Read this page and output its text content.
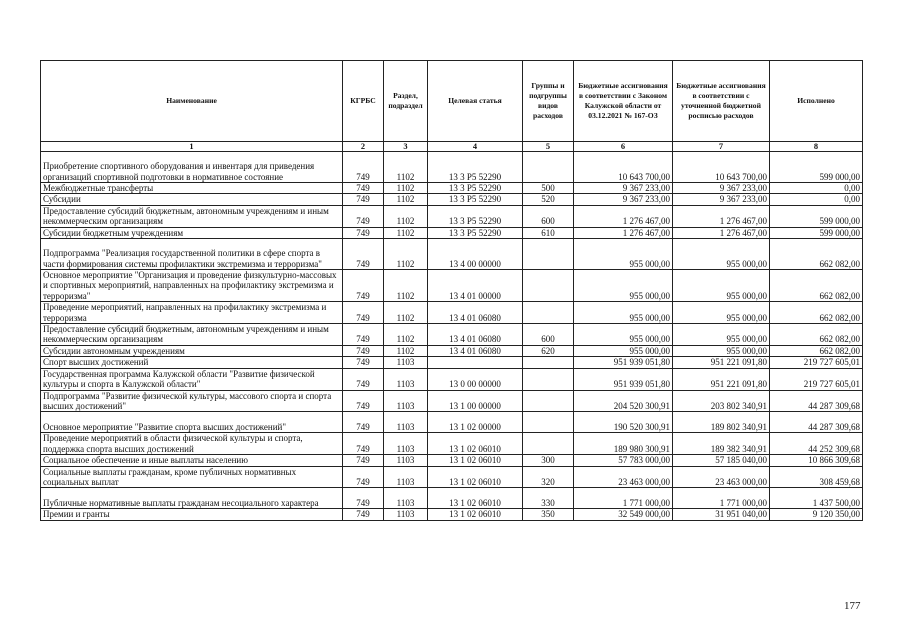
Наименование	КГРБС	Раздел, подраздел	Целевая статья	Группы и подгруппы видов расходов	Бюджетные ассигнования в соответствии с Законом Калужской области от 03.12.2021 № 167-ОЗ	Бюджетные ассигнования в соответствии с уточненной бюджетной росписью расходов	Исполнено
1	2	3	4	5	6	7	8
Приобретение спортивного оборудования и инвентаря для приведения организаций спортивной подготовки в нормативное состояние	749	1102	13 3 P5 52290		10 643 700,00	10 643 700,00	599 000,00
Межбюджетные трансферты	749	1102	13 3 P5 52290	500	9 367 233,00	9 367 233,00	0,00
Субсидии	749	1102	13 3 P5 52290	520	9 367 233,00	9 367 233,00	0,00
Предоставление субсидий бюджетным, автономным учреждениям и иным некоммерческим организациям	749	1102	13 3 P5 52290	600	1 276 467,00	1 276 467,00	599 000,00
Субсидии бюджетным учреждениям	749	1102	13 3 P5 52290	610	1 276 467,00	1 276 467,00	599 000,00
Подпрограмма "Реализация государственной политики в сфере спорта в части формирования системы профилактики экстремизма и терроризма"	749	1102	13 4 00 00000		955 000,00	955 000,00	662 082,00
Основное мероприятие "Организация и проведение физкультурно-массовых и спортивных мероприятий, направленных на профилактику экстремизма и терроризма"	749	1102	13 4 01 00000		955 000,00	955 000,00	662 082,00
Проведение мероприятий, направленных на профилактику экстремизма и терроризма	749	1102	13 4 01 06080		955 000,00	955 000,00	662 082,00
Предоставление субсидий бюджетным, автономным учреждениям и иным некоммерческим организациям	749	1102	13 4 01 06080	600	955 000,00	955 000,00	662 082,00
Субсидии автономным учреждениям	749	1102	13 4 01 06080	620	955 000,00	955 000,00	662 082,00
Спорт высших достижений	749	1103			951 939 051,80	951 221 091,80	219 727 605,01
Государственная программа Калужской области "Развитие физической культуры и спорта в Калужской области"	749	1103	13 0 00 00000		951 939 051,80	951 221 091,80	219 727 605,01
Подпрограмма "Развитие физической культуры, массового спорта и спорта высших достижений"	749	1103	13 1 00 00000		204 520 300,91	203 802 340,91	44 287 309,68
Основное мероприятие "Развитие спорта высших достижений"	749	1103	13 1 02 00000		190 520 300,91	189 802 340,91	44 287 309,68
Проведение мероприятий в области физической культуры и спорта, поддержка спорта высших достижений	749	1103	13 1 02 06010		189 980 300,91	189 382 340,91	44 252 309,68
Социальное обеспечение и иные выплаты населению	749	1103	13 1 02 06010	300	57 783 000,00	57 185 040,00	10 866 309,68
Социальные выплаты гражданам, кроме публичных нормативных социальных выплат	749	1103	13 1 02 06010	320	23 463 000,00	23 463 000,00	308 459,68
Публичные нормативные выплаты гражданам несоциального характера	749	1103	13 1 02 06010	330	1 771 000,00	1 771 000,00	1 437 500,00
Премии и гранты	749	1103	13 1 02 06010	350	32 549 000,00	31 951 040,00	9 120 350,00
177
